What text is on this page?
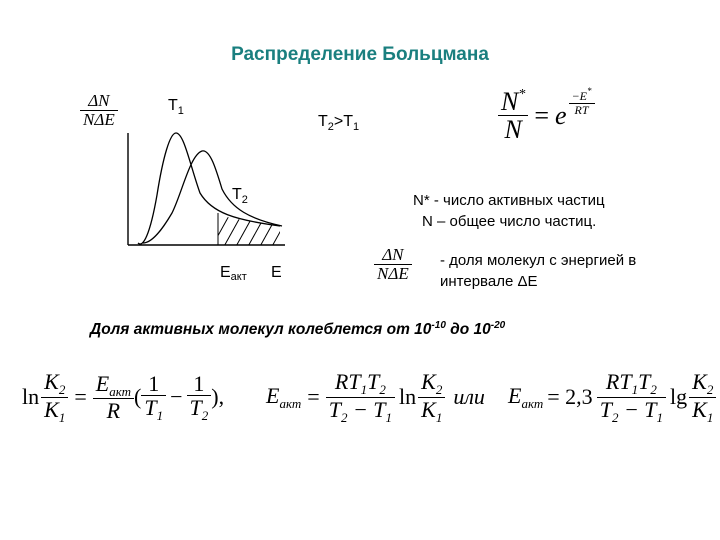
Распределение Больцмана
$\frac{\Delta N}{\text{NΔE}}$	$T_1$
$T_2>T_1$
$T_2$
Eакт E
$\frac{N^*}{N} = e \frac{-E^*}{RT}$
N* - число активных частиц
N – общее число частиц.
$\frac{\Delta N}{\text{NΔE}}$ - доля молекул с энергией в
интервале ΔЕ
Доля активных молекул колеблется от $10^{-10}$ до $10^{-20}$
$\ln \frac{K_2}{K_1} = \frac{E_{акт}}{R}$ ( $\frac{1}{T_1} - \frac{1}{T_2}$ ), $E_{акт} = \frac{RT_1T_2}{T_2 - T_1}$ $\ln \frac{K_2}{K_1}$ или $E_{акт} = 2,3 \frac{RT_1T_2}{T_2 - T_1}$ $\lg \frac{K_2}{K_1}$
